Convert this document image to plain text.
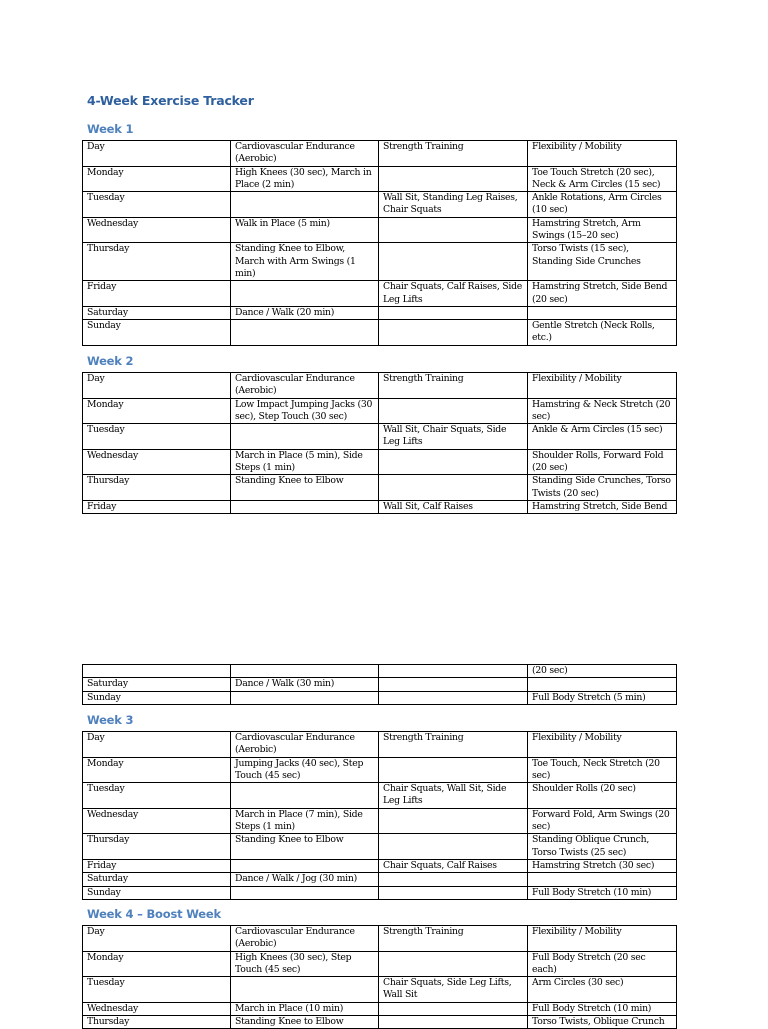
4-Week Exercise Tracker
Week 1
Day	Cardiovascular Endurance (Aerobic)	Strength Training	Flexibility / Mobility
Monday	High Knees (30 sec), March in Place (2 min)		Toe Touch Stretch (20 sec), Neck & Arm Circles (15 sec)
Tuesday		Wall Sit, Standing Leg Raises, Chair Squats	Ankle Rotations, Arm Circles (10 sec)
Wednesday	Walk in Place (5 min)		Hamstring Stretch, Arm Swings (15–20 sec)
Thursday	Standing Knee to Elbow, March with Arm Swings (1 min)		Torso Twists (15 sec), Standing Side Crunches
Friday		Chair Squats, Calf Raises, Side Leg Lifts	Hamstring Stretch, Side Bend (20 sec)
Saturday	Dance / Walk (20 min)		
Sunday			Gentle Stretch (Neck Rolls, etc.)
Week 2
Day	Cardiovascular Endurance (Aerobic)	Strength Training	Flexibility / Mobility
Monday	Low Impact Jumping Jacks (30 sec), Step Touch (30 sec)		Hamstring & Neck Stretch (20 sec)
Tuesday		Wall Sit, Chair Squats, Side Leg Lifts	Ankle & Arm Circles (15 sec)
Wednesday	March in Place (5 min), Side Steps (1 min)		Shoulder Rolls, Forward Fold (20 sec)
Thursday	Standing Knee to Elbow		Standing Side Crunches, Torso Twists (20 sec)
Friday		Wall Sit, Calf Raises	Hamstring Stretch, Side Bend
			(20 sec)
Saturday	Dance / Walk (30 min)		
Sunday			Full Body Stretch (5 min)
Week 3
Day	Cardiovascular Endurance (Aerobic)	Strength Training	Flexibility / Mobility
Monday	Jumping Jacks (40 sec), Step Touch (45 sec)		Toe Touch, Neck Stretch (20 sec)
Tuesday		Chair Squats, Wall Sit, Side Leg Lifts	Shoulder Rolls (20 sec)
Wednesday	March in Place (7 min), Side Steps (1 min)		Forward Fold, Arm Swings (20 sec)
Thursday	Standing Knee to Elbow		Standing Oblique Crunch, Torso Twists (25 sec)
Friday		Chair Squats, Calf Raises	Hamstring Stretch (30 sec)
Saturday	Dance / Walk / Jog (30 min)		
Sunday			Full Body Stretch (10 min)
Week 4 – Boost Week
Day	Cardiovascular Endurance (Aerobic)	Strength Training	Flexibility / Mobility
Monday	High Knees (30 sec), Step Touch (45 sec)		Full Body Stretch (20 sec each)
Tuesday		Chair Squats, Side Leg Lifts, Wall Sit	Arm Circles (30 sec)
Wednesday	March in Place (10 min)		Full Body Stretch (10 min)
Thursday	Standing Knee to Elbow		Torso Twists, Oblique Crunch
